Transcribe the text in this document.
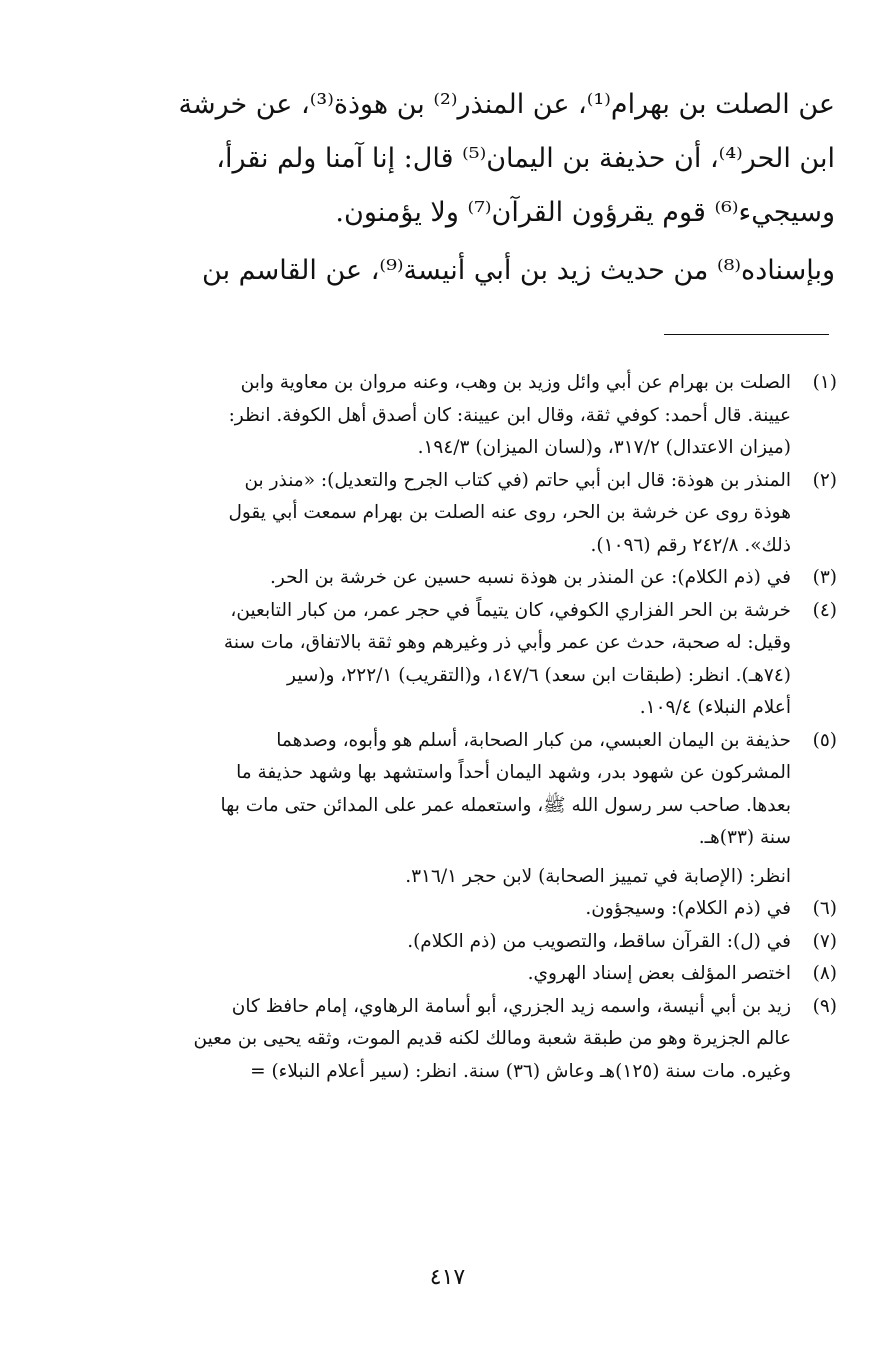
عن الصلت بن بهرام⁽¹⁾، عن المنذر⁽²⁾ بن هوذة⁽³⁾، عن خرشة
ابن الحر⁽⁴⁾، أن حذيفة بن اليمان⁽⁵⁾ قال: إنا آمنا ولم نقرأ،
وسيجيء⁽⁶⁾ قوم يقرؤون القرآن⁽⁷⁾ ولا يؤمنون.
وبإسناده⁽⁸⁾ من حديث زيد بن أبي أنيسة⁽⁹⁾، عن القاسم بن
(١)
الصلت بن بهرام عن أبي وائل وزيد بن وهب، وعنه مروان بن معاوية وابن
عيينة. قال أحمد: كوفي ثقة، وقال ابن عيينة: كان أصدق أهل الكوفة. انظر:
(ميزان الاعتدال) ٣١٧/٢، و(لسان الميزان) ١٩٤/٣.
(٢)
المنذر بن هوذة: قال ابن أبي حاتم (في كتاب الجرح والتعديل): «منذر بن
هوذة روى عن خرشة بن الحر، روى عنه الصلت بن بهرام سمعت أبي يقول
ذلك». ٢٤٢/٨ رقم (١٠٩٦).
(٣)
في (ذم الكلام): عن المنذر بن هوذة نسبه حسين عن خرشة بن الحر.
(٤)
خرشة بن الحر الفزاري الكوفي، كان يتيماً في حجر عمر، من كبار التابعين،
وقيل: له صحبة، حدث عن عمر وأبي ذر وغيرهم وهو ثقة بالاتفاق، مات سنة
(٧٤هـ). انظر: (طبقات ابن سعد) ١٤٧/٦، و(التقريب) ٢٢٢/١، و(سير
أعلام النبلاء) ١٠٩/٤.
(٥)
حذيفة بن اليمان العبسي، من كبار الصحابة، أسلم هو وأبوه، وصدهما
المشركون عن شهود بدر، وشهد اليمان أحداً واستشهد بها وشهد حذيفة ما
بعدها. صاحب سر رسول الله ﷺ، واستعمله عمر على المدائن حتى مات بها
سنة (٣٣)هـ.
انظر: (الإصابة في تمييز الصحابة) لابن حجر ٣١٦/١.
(٦)
في (ذم الكلام): وسيجؤون.
(٧)
في (ل): القرآن ساقط، والتصويب من (ذم الكلام).
(٨)
اختصر المؤلف بعض إسناد الهروي.
(٩)
زيد بن أبي أنيسة، واسمه زيد الجزري، أبو أسامة الرهاوي، إمام حافظ كان
عالم الجزيرة وهو من طبقة شعبة ومالك لكنه قديم الموت، وثقه يحيى بن معين
وغيره. مات سنة (١٢٥)هـ وعاش (٣٦) سنة. انظر: (سير أعلام النبلاء) =
٤١٧
